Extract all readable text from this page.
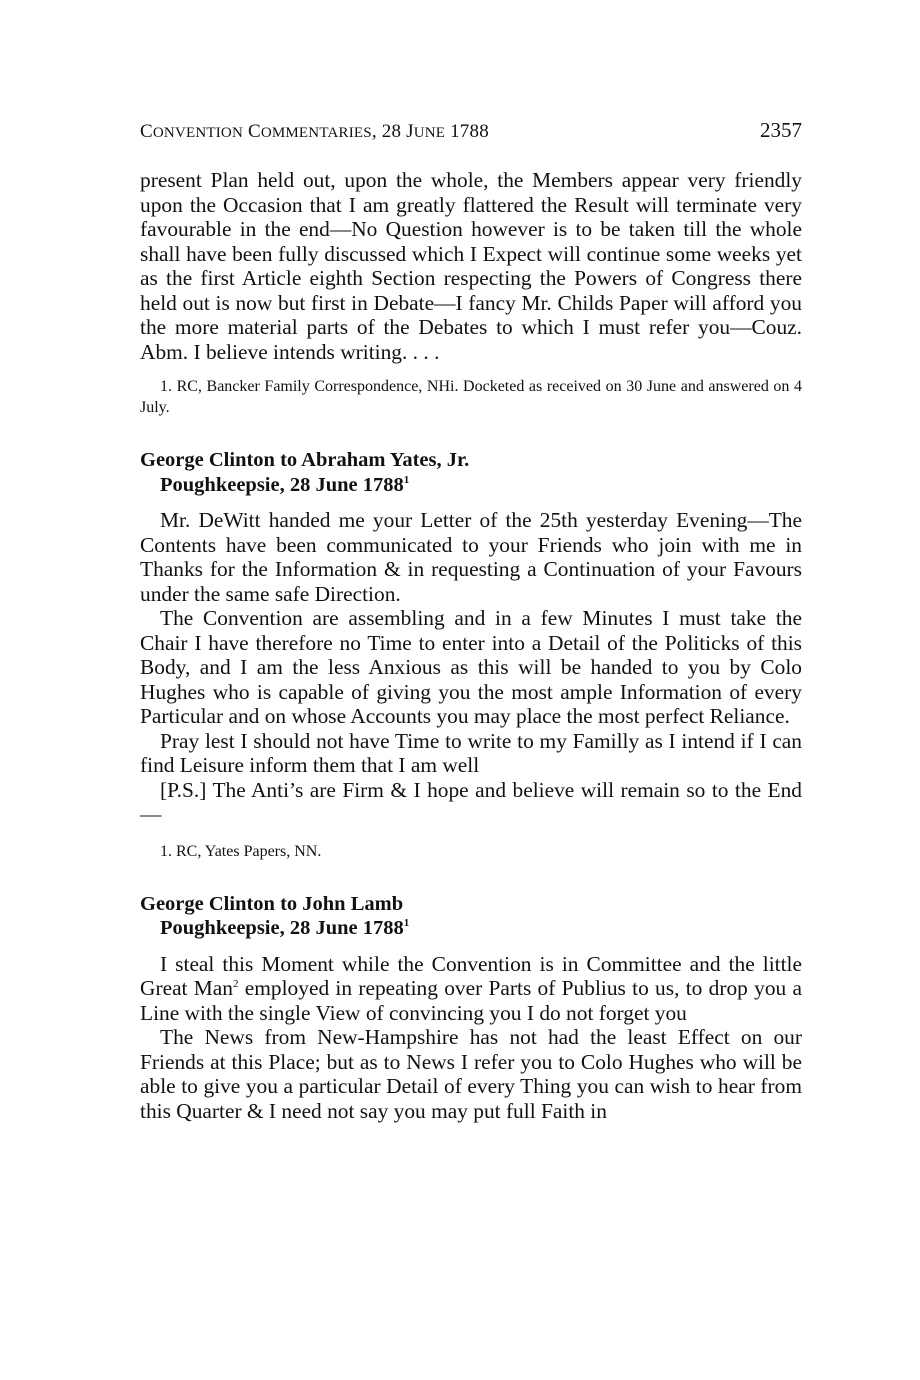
CONVENTION COMMENTARIES, 28 JUNE 1788	2357

present Plan held out, upon the whole, the Members appear very friendly upon the Occasion that I am greatly flattered the Result will terminate very favourable in the end—No Question however is to be taken till the whole shall have been fully discussed which I Expect will continue some weeks yet as the first Article eighth Section respecting the Powers of Congress there held out is now but first in Debate—I fancy Mr. Childs Paper will afford you the more material parts of the Debates to which I must refer you—Couz. Abm. I believe intends writing. . . .

1. RC, Bancker Family Correspondence, NHi. Docketed as received on 30 June and answered on 4 July.

George Clinton to Abraham Yates, Jr.
Poughkeepsie, 28 June 1788$^1$

Mr. DeWitt handed me your Letter of the 25th yesterday Evening—The Contents have been communicated to your Friends who join with me in Thanks for the Information & in requesting a Continuation of your Favours under the same safe Direction.

The Convention are assembling and in a few Minutes I must take the Chair I have therefore no Time to enter into a Detail of the Politicks of this Body, and I am the less Anxious as this will be handed to you by Colo Hughes who is capable of giving you the most ample Information of every Particular and on whose Accounts you may place the most perfect Reliance.

Pray lest I should not have Time to write to my Familly as I intend if I can find Leisure inform them that I am well

[P.S.] The Anti’s are Firm & I hope and believe will remain so to the End—

1. RC, Yates Papers, NN.

George Clinton to John Lamb
Poughkeepsie, 28 June 1788$^1$

I steal this Moment while the Convention is in Committee and the little Great Man$^2$ employed in repeating over Parts of Publius to us, to drop you a Line with the single View of convincing you I do not forget you

The News from New-Hampshire has not had the least Effect on our Friends at this Place; but as to News I refer you to Colo Hughes who will be able to give you a particular Detail of every Thing you can wish to hear from this Quarter & I need not say you may put full Faith in
